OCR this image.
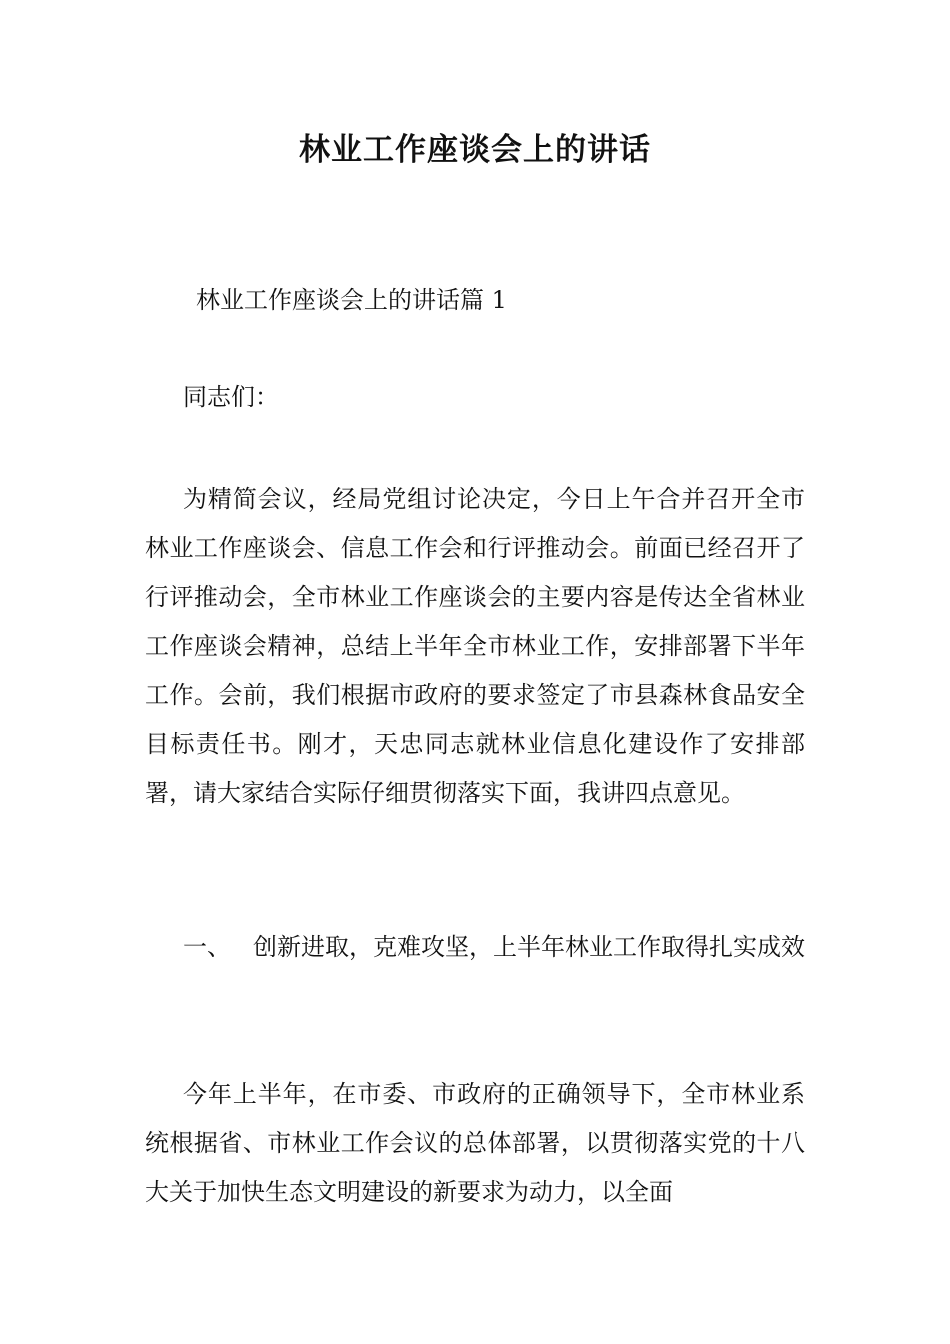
林业工作座谈会上的讲话

林业工作座谈会上的讲话篇 1

同志们：

为精简会议，经局党组讨论决定，今日上午合并召开全市林业工作座谈会、信息工作会和行评推动会。前面已经召开了行评推动会，全市林业工作座谈会的主要内容是传达全省林业工作座谈会精神，总结上半年全市林业工作，安排部署下半年工作。会前，我们根据市政府的要求签定了市县森林食品安全目标责任书。刚才，天忠同志就林业信息化建设作了安排部署，请大家结合实际仔细贯彻落实下面，我讲四点意见。

一、 创新进取，克难攻坚，上半年林业工作取得扎实成效

今年上半年，在市委、市政府的正确领导下，全市林业系统根据省、市林业工作会议的总体部署，以贯彻落实党的十八大关于加快生态文明建设的新要求为动力，以全面
